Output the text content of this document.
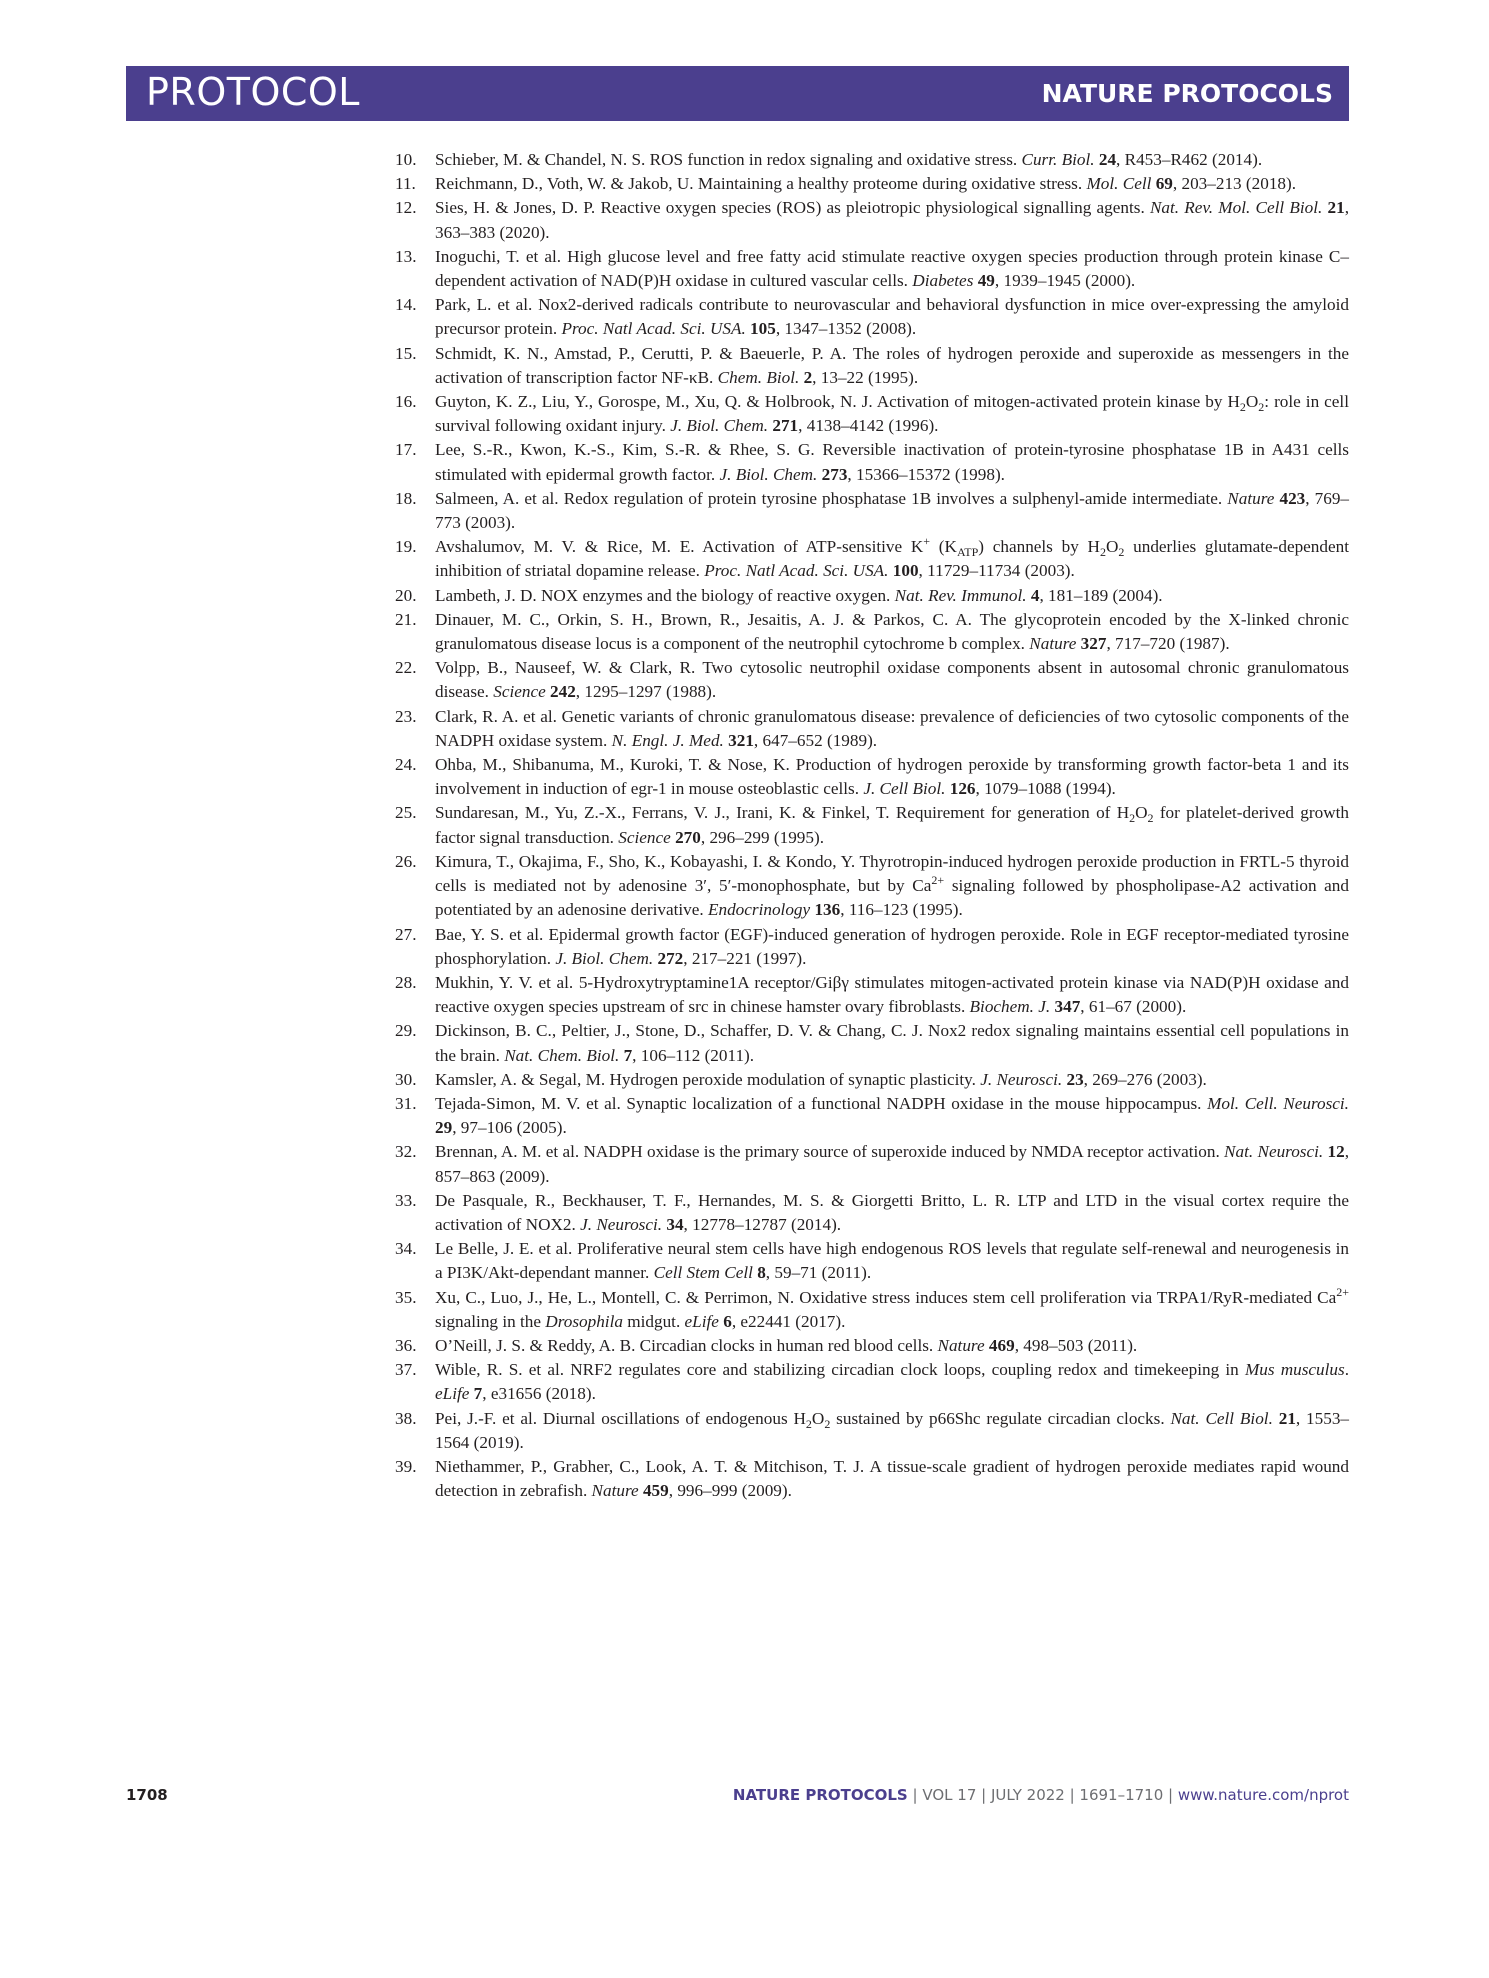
PROTOCOL	NATURE PROTOCOLS
10. Schieber, M. & Chandel, N. S. ROS function in redox signaling and oxidative stress. Curr. Biol. 24, R453–R462 (2014).
11. Reichmann, D., Voth, W. & Jakob, U. Maintaining a healthy proteome during oxidative stress. Mol. Cell 69, 203–213 (2018).
12. Sies, H. & Jones, D. P. Reactive oxygen species (ROS) as pleiotropic physiological signalling agents. Nat. Rev. Mol. Cell Biol. 21, 363–383 (2020).
13. Inoguchi, T. et al. High glucose level and free fatty acid stimulate reactive oxygen species production through protein kinase C–dependent activation of NAD(P)H oxidase in cultured vascular cells. Diabetes 49, 1939–1945 (2000).
14. Park, L. et al. Nox2-derived radicals contribute to neurovascular and behavioral dysfunction in mice over-expressing the amyloid precursor protein. Proc. Natl Acad. Sci. USA. 105, 1347–1352 (2008).
15. Schmidt, K. N., Amstad, P., Cerutti, P. & Baeuerle, P. A. The roles of hydrogen peroxide and superoxide as messengers in the activation of transcription factor NF-κB. Chem. Biol. 2, 13–22 (1995).
16. Guyton, K. Z., Liu, Y., Gorospe, M., Xu, Q. & Holbrook, N. J. Activation of mitogen-activated protein kinase by $H_2O_2$: role in cell survival following oxidant injury. J. Biol. Chem. 271, 4138–4142 (1996).
17. Lee, S.-R., Kwon, K.-S., Kim, S.-R. & Rhee, S. G. Reversible inactivation of protein-tyrosine phosphatase 1B in A431 cells stimulated with epidermal growth factor. J. Biol. Chem. 273, 15366–15372 (1998).
18. Salmeen, A. et al. Redox regulation of protein tyrosine phosphatase 1B involves a sulphenyl-amide intermediate. Nature 423, 769–773 (2003).
19. Avshalumov, M. V. & Rice, M. E. Activation of ATP-sensitive K+ $(K_{ATP})$ channels by $H_2O_2$ underlies glutamate-dependent inhibition of striatal dopamine release. Proc. Natl Acad. Sci. USA. 100, 11729–11734 (2003).
20. Lambeth, J. D. NOX enzymes and the biology of reactive oxygen. Nat. Rev. Immunol. 4, 181–189 (2004).
21. Dinauer, M. C., Orkin, S. H., Brown, R., Jesaitis, A. J. & Parkos, C. A. The glycoprotein encoded by the X-linked chronic granulomatous disease locus is a component of the neutrophil cytochrome b complex. Nature 327, 717–720 (1987).
22. Volpp, B., Nauseef, W. & Clark, R. Two cytosolic neutrophil oxidase components absent in autosomal chronic granulomatous disease. Science 242, 1295–1297 (1988).
23. Clark, R. A. et al. Genetic variants of chronic granulomatous disease: prevalence of deficiencies of two cytosolic components of the NADPH oxidase system. N. Engl. J. Med. 321, 647–652 (1989).
24. Ohba, M., Shibanuma, M., Kuroki, T. & Nose, K. Production of hydrogen peroxide by transforming growth factor-beta 1 and its involvement in induction of egr-1 in mouse osteoblastic cells. J. Cell Biol. 126, 1079–1088 (1994).
25. Sundaresan, M., Yu, Z.-X., Ferrans, V. J., Irani, K. & Finkel, T. Requirement for generation of $H_2O_2$ for platelet-derived growth factor signal transduction. Science 270, 296–299 (1995).
26. Kimura, T., Okajima, F., Sho, K., Kobayashi, I. & Kondo, Y. Thyrotropin-induced hydrogen peroxide production in FRTL-5 thyroid cells is mediated not by adenosine 3′, 5′-monophosphate, but by $Ca^{2+}$ signaling followed by phospholipase-A2 activation and potentiated by an adenosine derivative. Endocrinology 136, 116–123 (1995).
27. Bae, Y. S. et al. Epidermal growth factor (EGF)-induced generation of hydrogen peroxide. Role in EGF receptor-mediated tyrosine phosphorylation. J. Biol. Chem. 272, 217–221 (1997).
28. Mukhin, Y. V. et al. 5-Hydroxytryptamine1A receptor/Giβγ stimulates mitogen-activated protein kinase via NAD(P)H oxidase and reactive oxygen species upstream of src in chinese hamster ovary fibroblasts. Biochem. J. 347, 61–67 (2000).
29. Dickinson, B. C., Peltier, J., Stone, D., Schaffer, D. V. & Chang, C. J. Nox2 redox signaling maintains essential cell populations in the brain. Nat. Chem. Biol. 7, 106–112 (2011).
30. Kamsler, A. & Segal, M. Hydrogen peroxide modulation of synaptic plasticity. J. Neurosci. 23, 269–276 (2003).
31. Tejada-Simon, M. V. et al. Synaptic localization of a functional NADPH oxidase in the mouse hippocampus. Mol. Cell. Neurosci. 29, 97–106 (2005).
32. Brennan, A. M. et al. NADPH oxidase is the primary source of superoxide induced by NMDA receptor activation. Nat. Neurosci. 12, 857–863 (2009).
33. De Pasquale, R., Beckhauser, T. F., Hernandes, M. S. & Giorgetti Britto, L. R. LTP and LTD in the visual cortex require the activation of NOX2. J. Neurosci. 34, 12778–12787 (2014).
34. Le Belle, J. E. et al. Proliferative neural stem cells have high endogenous ROS levels that regulate self-renewal and neurogenesis in a PI3K/Akt-dependant manner. Cell Stem Cell 8, 59–71 (2011).
35. Xu, C., Luo, J., He, L., Montell, C. & Perrimon, N. Oxidative stress induces stem cell proliferation via TRPA1/RyR-mediated $Ca^{2+}$ signaling in the Drosophila midgut. eLife 6, e22441 (2017).
36. O’Neill, J. S. & Reddy, A. B. Circadian clocks in human red blood cells. Nature 469, 498–503 (2011).
37. Wible, R. S. et al. NRF2 regulates core and stabilizing circadian clock loops, coupling redox and timekeeping in Mus musculus. eLife 7, e31656 (2018).
38. Pei, J.-F. et al. Diurnal oscillations of endogenous $H_2O_2$ sustained by p66Shc regulate circadian clocks. Nat. Cell Biol. 21, 1553–1564 (2019).
39. Niethammer, P., Grabher, C., Look, A. T. & Mitchison, T. J. A tissue-scale gradient of hydrogen peroxide mediates rapid wound detection in zebrafish. Nature 459, 996–999 (2009).
1708	NATURE PROTOCOLS | VOL 17 | JULY 2022 | 1691–1710 | www.nature.com/nprot
